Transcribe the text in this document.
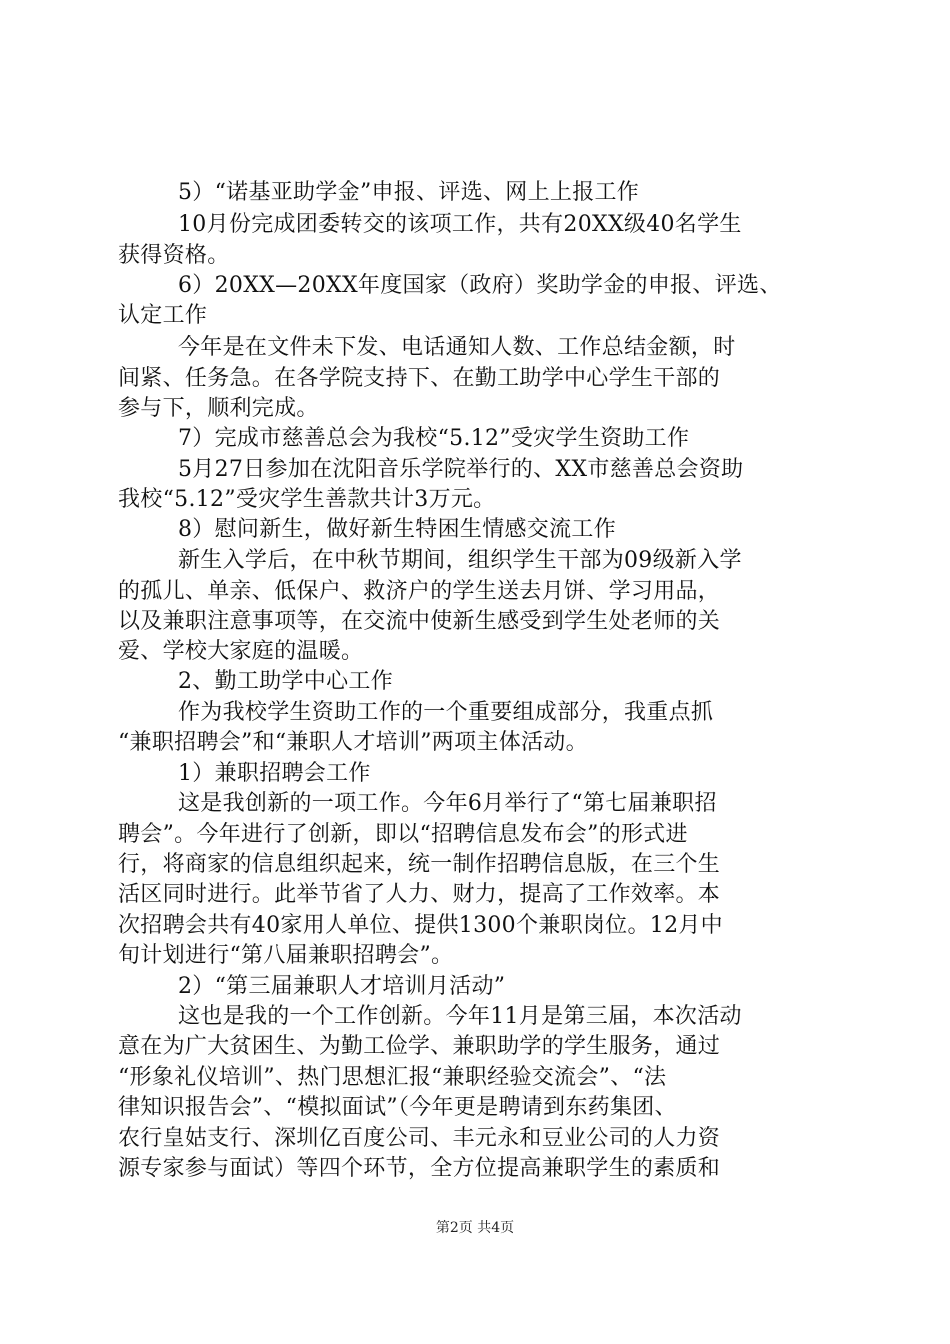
5）“诺基亚助学金”申报、评选、网上上报工作
10月份完成团委转交的该项工作，共有20XX级40名学生
获得资格。
6）20XX—20XX年度国家（政府）奖助学金的申报、评选、
认定工作
今年是在文件未下发、电话通知人数、工作总结金额，时
间紧、任务急。在各学院支持下、在勤工助学中心学生干部的
参与下，顺利完成。
7）完成市慈善总会为我校“5.12”受灾学生资助工作
5月27日参加在沈阳音乐学院举行的、XX市慈善总会资助
我校“5.12”受灾学生善款共计3万元。
8）慰问新生，做好新生特困生情感交流工作
新生入学后，在中秋节期间，组织学生干部为09级新入学
的孤儿、单亲、低保户、救济户的学生送去月饼、学习用品，
以及兼职注意事项等，在交流中使新生感受到学生处老师的关
爱、学校大家庭的温暖。
2、勤工助学中心工作
作为我校学生资助工作的一个重要组成部分，我重点抓
“兼职招聘会”和“兼职人才培训”两项主体活动。
1）兼职招聘会工作
这是我创新的一项工作。今年6月举行了“第七届兼职招
聘会”。今年进行了创新，即以“招聘信息发布会”的形式进
行，将商家的信息组织起来，统一制作招聘信息版，在三个生
活区同时进行。此举节省了人力、财力，提高了工作效率。本
次招聘会共有40家用人单位、提供1300个兼职岗位。12月中
旬计划进行“第八届兼职招聘会”。
2）“第三届兼职人才培训月活动”
这也是我的一个工作创新。今年11月是第三届，本次活动
意在为广大贫困生、为勤工俭学、兼职助学的学生服务，通过
“形象礼仪培训”、热门思想汇报“兼职经验交流会”、“法
律知识报告会”、“模拟面试”（今年更是聘请到东药集团、
农行皇姑支行、深圳亿百度公司、丰元永和豆业公司的人力资
源专家参与面试）等四个环节，全方位提高兼职学生的素质和
第2页 共4页
